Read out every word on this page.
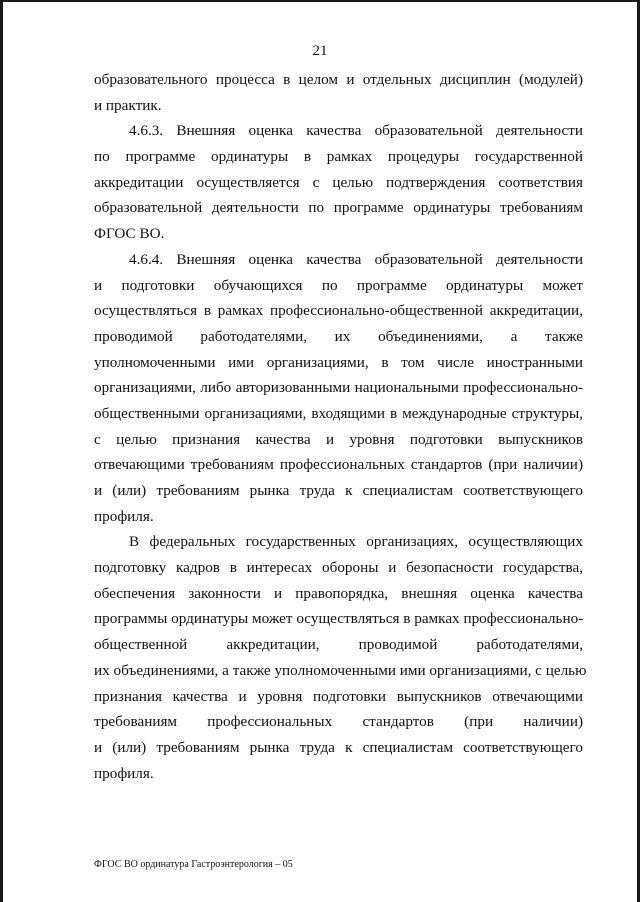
21
образовательного процесса в целом и отдельных дисциплин (модулей)
и практик.
4.6.3. Внешняя оценка качества образовательной деятельности
по программе ординатуры в рамках процедуры государственной
аккредитации осуществляется с целью подтверждения соответствия
образовательной деятельности по программе ординатуры требованиям
ФГОС ВО.
4.6.4. Внешняя оценка качества образовательной деятельности
и подготовки обучающихся по программе ординатуры может
осуществляться в рамках профессионально-общественной аккредитации,
проводимой работодателями, их объединениями, а также
уполномоченными ими организациями, в том числе иностранными
организациями, либо авторизованными национальными профессионально-
общественными организациями, входящими в международные структуры,
с целью признания качества и уровня подготовки выпускников
отвечающими требованиям профессиональных стандартов (при наличии)
и (или) требованиям рынка труда к специалистам соответствующего
профиля.
В федеральных государственных организациях, осуществляющих
подготовку кадров в интересах обороны и безопасности государства,
обеспечения законности и правопорядка, внешняя оценка качества
программы ординатуры может осуществляться в рамках профессионально-
общественной аккредитации, проводимой работодателями,
их объединениями, а также уполномоченными ими организациями, с целью
признания качества и уровня подготовки выпускников отвечающими
требованиям профессиональных стандартов (при наличии)
и (или) требованиям рынка труда к специалистам соответствующего
профиля.
ФГОС ВО ординатура Гастроэнтерология – 05
